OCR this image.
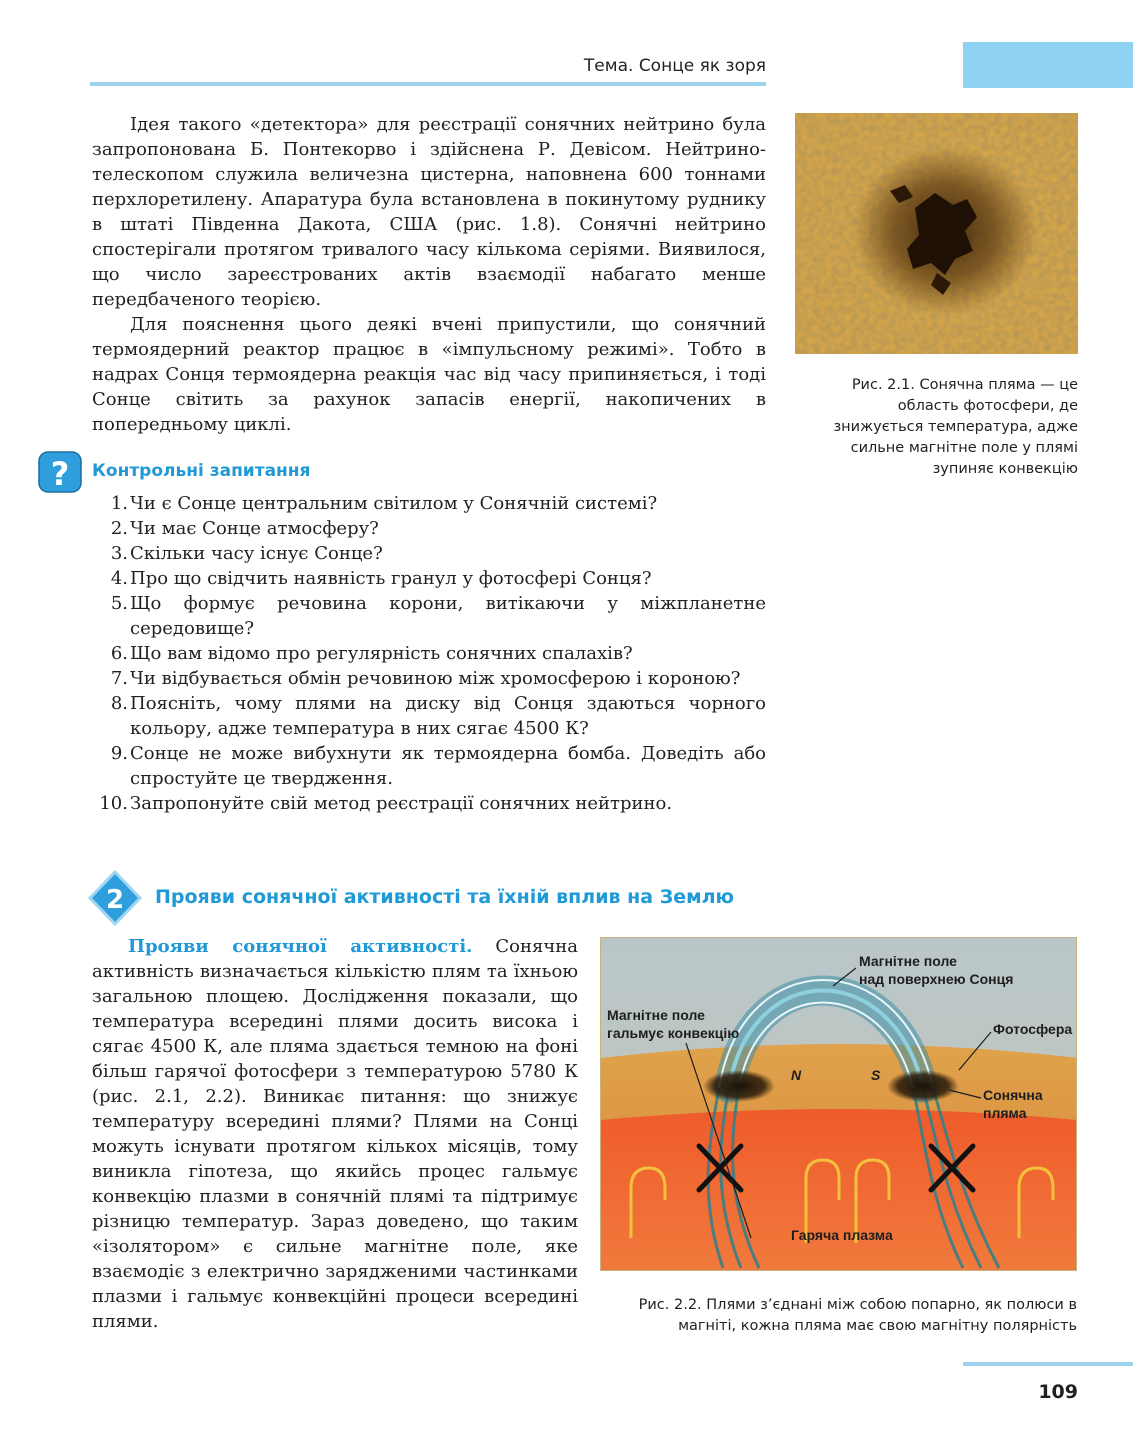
Тема. Сонце як зоря

Ідея такого «детектора» для реєстрації сонячних нейтрино була запропонована Б. Понтекорво і здійснена Р. Девісом. Нейтрино-телескопом служила величезна цистерна, наповнена 600 тоннами перхлоретилену. Апаратура була встановлена в покинутому руднику в штаті Південна Дакота, США (рис. 1.8). Сонячні нейтрино спостерігали протягом тривалого часу кількома серіями. Виявилося, що число зареєстрованих актів взаємодії набагато менше передбаченого теорією.

Для пояснення цього деякі вчені припустили, що сонячний термоядерний реактор працює в «імпульсному режимі». Тобто в надрах Сонця термоядерна реакція час від часу припиняється, і тоді Сонце світить за рахунок запасів енергії, накопичених в попередньому циклі.

Рис. 2.1. Сонячна пляма — це область фотосфери, де знижується температура, адже сильне магнітне поле у плямі зупиняє конвекцію
? Контрольні запитання
1. Чи є Сонце центральним світилом у Сонячній системі?
2. Чи має Сонце атмосферу?
3. Скільки часу існує Сонце?
4. Про що свідчить наявність гранул у фотосфері Сонця?
5. Що формує речовина корони, витікаючи у міжпланетне середовище?
6. Що вам відомо про регулярність сонячних спалахів?
7. Чи відбувається обмін речовиною між хромосферою і короною?
8. Поясніть, чому плями на диску від Сонця здаються чорного кольору, адже температура в них сягає 4500 К?
9. Сонце не може вибухнути як термоядерна бомба. Доведіть або спростуйте це твердження.
10. Запропонуйте свій метод реєстрації сонячних нейтрино.
2 Прояви сонячної активності та їхній вплив на Землю

Прояви сонячної активності. Сонячна активність визначається кількістю плям та їхньою загальною площею. Дослідження показали, що температура всередині плями досить висока і сягає 4500 К, але пляма здається темною на фоні більш гарячої фотосфери з температурою 5780 К (рис. 2.1, 2.2). Виникає питання: що знижує температуру всередині плями? Плями на Сонці можуть існувати протягом кількох місяців, тому виникла гіпотеза, що якийсь процес гальмує конвекцію плазми в сонячній плямі та підтримує різницю температур. Зараз доведено, що таким «ізолятором» є сильне магнітне поле, яке взаємодіє з електрично зарядженими частинками плазми і гальмує конвекційні процеси всередині плями.

Магнітне поле
над поверхнею Сонця
Магнітне поле
гальмує конвекцію	Фотосфера
Сонячна
пляма
Гаряча плазма
N	S
Рис. 2.2. Плями з’єднані між собою попарно, як полюси в магніті, кожна пляма має свою магнітну полярність
109
